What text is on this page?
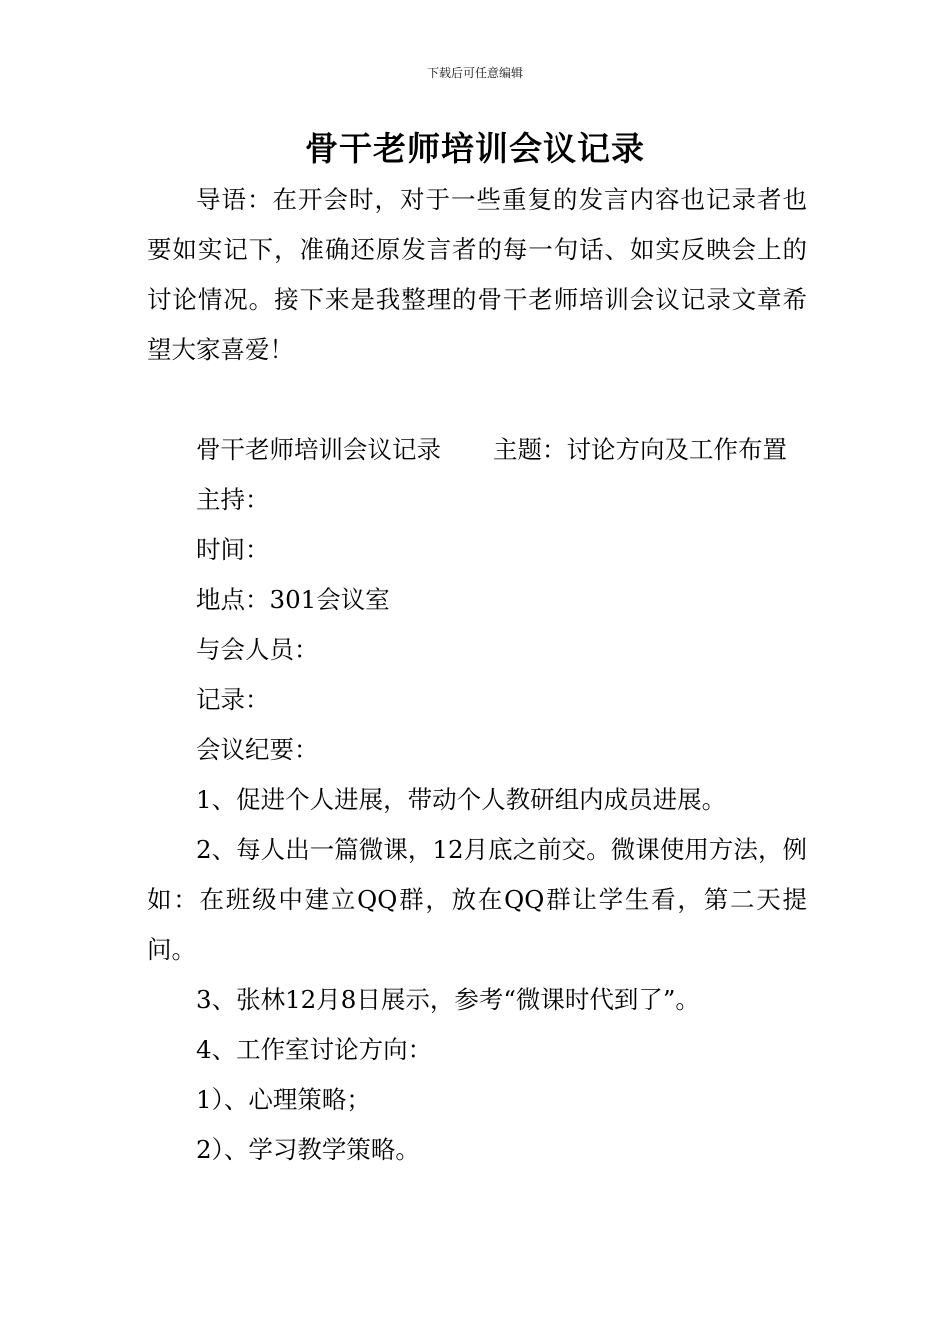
下载后可任意编辑
骨干老师培训会议记录

导语：在开会时，对于一些重复的发言内容也记录者也要如实记下，准确还原发言者的每一句话、如实反映会上的讨论情况。接下来是我整理的骨干老师培训会议记录文章希望大家喜爱！

骨干老师培训会议记录 主题：讨论方向及工作布置

主持：

时间：

地点：301会议室

与会人员：

记录：

会议纪要：

1、促进个人进展，带动个人教研组内成员进展。

2、每人出一篇微课，12月底之前交。微课使用方法，例如：在班级中建立QQ群，放在QQ群让学生看，第二天提问。

3、张林12月8日展示，参考“微课时代到了”。

4、工作室讨论方向：

1）、心理策略；

2）、学习教学策略。
